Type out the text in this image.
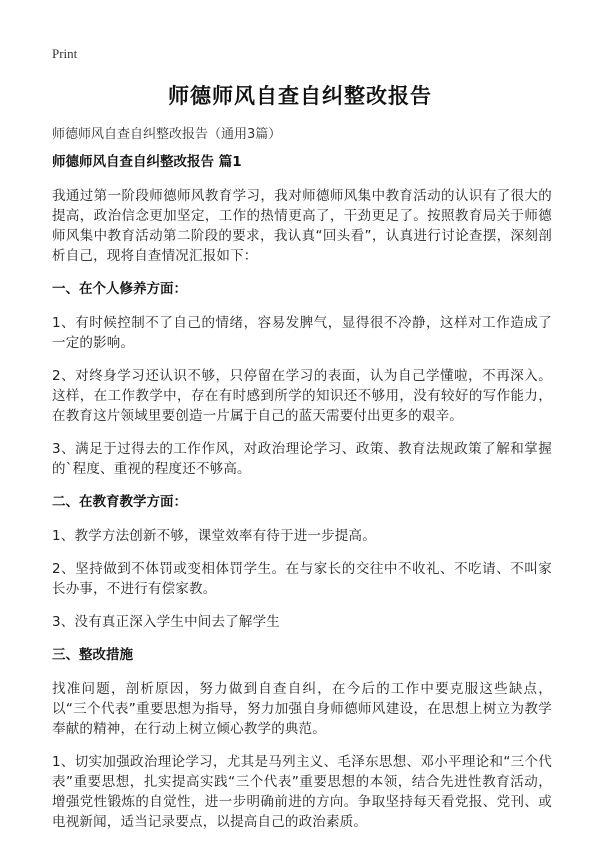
Print
师德师风自查自纠整改报告
师德师风自查自纠整改报告（通用3篇）
师德师风自查自纠整改报告 篇1

我通过第一阶段师德师风教育学习，我对师德师风集中教育活动的认识有了很大的提高，政治信念更加坚定，工作的热情更高了，干劲更足了。按照教育局关于师德师风集中教育活动第二阶段的要求，我认真“回头看”，认真进行讨论查摆，深刻剖析自己，现将自查情况汇报如下：

一、在个人修养方面：

1、有时候控制不了自己的情绪，容易发脾气，显得很不冷静，这样对工作造成了一定的影响。

2、对终身学习还认识不够，只停留在学习的表面，认为自己学懂啦，不再深入。这样，在工作教学中，存在有时感到所学的知识还不够用，没有较好的写作能力，在教育这片领域里要创造一片属于自己的蓝天需要付出更多的艰辛。

3、满足于过得去的工作作风，对政治理论学习、政策、教育法规政策了解和掌握的`程度、重视的程度还不够高。

二、在教育教学方面：

1、教学方法创新不够，课堂效率有待于进一步提高。

2、坚持做到不体罚或变相体罚学生。在与家长的交往中不收礼、不吃请、不叫家长办事，不进行有偿家教。

3、没有真正深入学生中间去了解学生

三、整改措施

找准问题，剖析原因，努力做到自查自纠，在今后的工作中要克服这些缺点，以“三个代表”重要思想为指导，努力加强自身师德师风建设，在思想上树立为教学奉献的精神，在行动上树立倾心教学的典范。

1、切实加强政治理论学习，尤其是马列主义、毛泽东思想、邓小平理论和“三个代表”重要思想，扎实提高实践“三个代表”重要思想的本领，结合先进性教育活动，增强党性锻炼的自觉性，进一步明确前进的方向。争取坚持每天看党报、党刊、或电视新闻，适当记录要点，以提高自己的政治素质。
